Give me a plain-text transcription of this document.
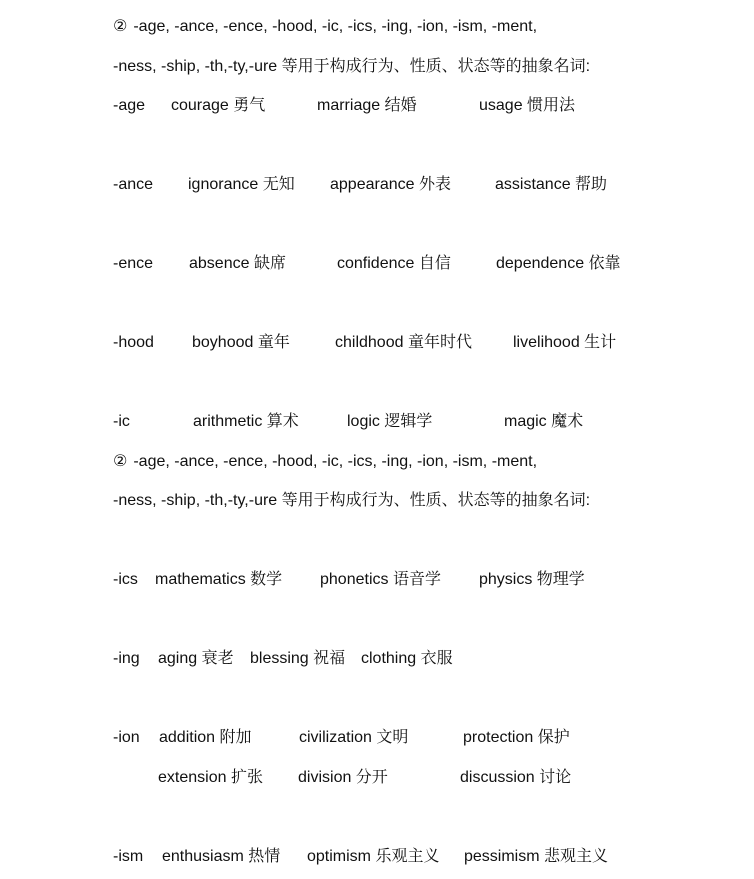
② -age, -ance, -ence, -hood, -ic, -ics, -ing, -ion, -ism, -ment,
-ness, -ship, -th,-ty,-ure 等用于构成行为、性质、状态等的抽象名词:
-age courage 勇气	marriage 结婚	usage 惯用法
-ance ignorance 无知 appearance 外表	assistance 帮助
-ence absence 缺席	confidence 自信	dependence 依靠
-hood boyhood 童年	childhood 童年时代	livelihood 生计
-ic	arithmetic 算术	logic 逻辑学	magic 魔术
② -age, -ance, -ence, -hood, -ic, -ics, -ing, -ion, -ism, -ment,
-ness, -ship, -th,-ty,-ure 等用于构成行为、性质、状态等的抽象名词:
-ics mathematics 数学 phonetics 语音学 physics 物理学
-ing aging 衰老 blessing 祝福 clothing 衣服
-ion addition 附加	civilization 文明	protection 保护
extension 扩张 division 分开	discussion 讨论
-ism enthusiasm 热情 optimism 乐观主义 pessimism 悲观主义
